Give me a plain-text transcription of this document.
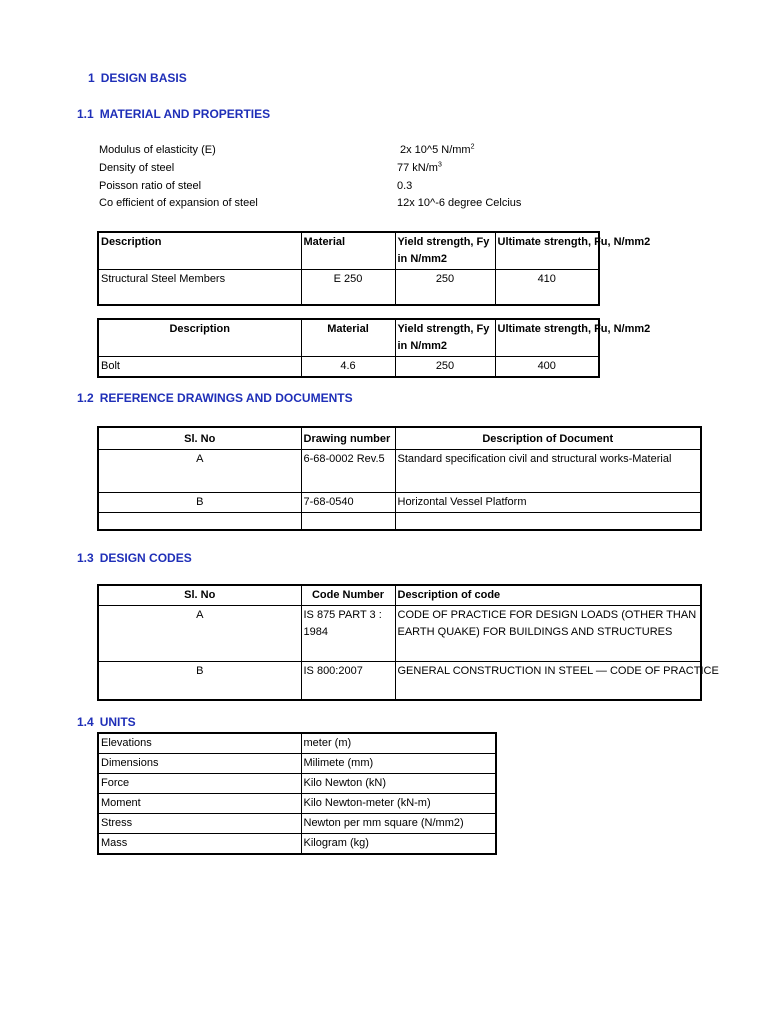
1 DESIGN BASIS
1.1 MATERIAL AND PROPERTIES
Modulus of elasticity (E)	2x 10^5 $N/mm^2$
Density of steel	77 $kN/m^3$
Poisson ratio of steel	0.3
Co efficient of expansion of steel	12x 10^-6 degree Celcius
Description	Material	Yield strength, Fy in N/mm2	Ultimate strength, Fu, N/mm2
Structural Steel Members	E 250	250	410
Description	Material	Yield strength, Fy in N/mm2	Ultimate strength, Fu, N/mm2
Bolt	4.6	250	400
1.2 REFERENCE DRAWINGS AND DOCUMENTS
Sl. No	Drawing number	Description of Document
A	6-68-0002 Rev.5	Standard specification civil and structural works-Material
B	7-68-0540	Horizontal Vessel Platform

1.3 DESIGN CODES
Sl. No	Code Number	Description of code
A	IS 875 PART 3 : 1984	CODE OF PRACTICE FOR DESIGN LOADS (OTHER THAN EARTH QUAKE) FOR BUILDINGS AND STRUCTURES
B	IS 800:2007	GENERAL CONSTRUCTION IN STEEL — CODE OF PRACTICE
1.4 UNITS
Elevations	meter (m)
Dimensions	Milimete (mm)
Force	Kilo Newton (kN)
Moment	Kilo Newton-meter (kN-m)
Stress	Newton per mm square (N/mm2)
Mass	Kilogram (kg)
